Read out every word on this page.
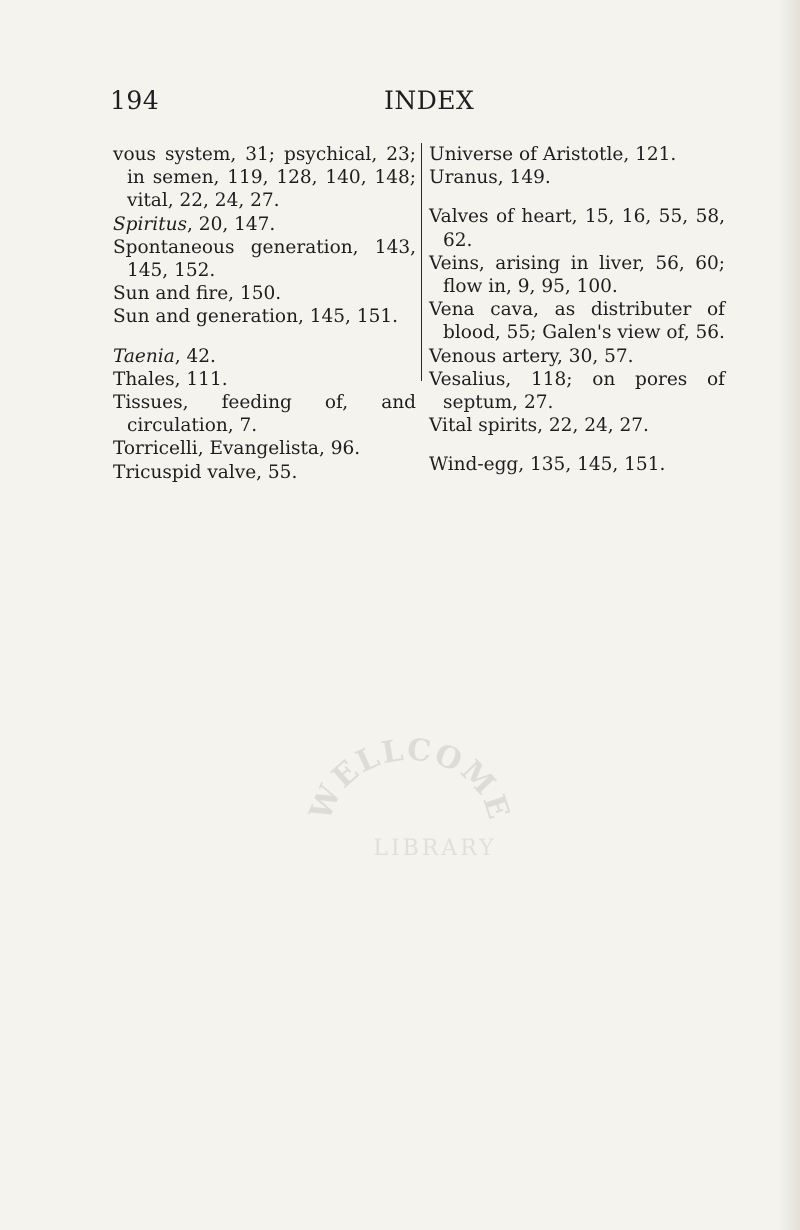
194	INDEX

vous system, 31; psychical, 23; in semen, 119, 128, 140, 148; vital, 22, 24, 27.

Spiritus, 20, 147.

Spontaneous generation, 143, 145, 152.

Sun and fire, 150.

Sun and generation, 145, 151.

Taenia, 42.

Thales, 111.

Tissues, feeding of, and circulation, 7.

Torricelli, Evangelista, 96.

Tricuspid valve, 55.

Universe of Aristotle, 121.

Uranus, 149.

Valves of heart, 15, 16, 55, 58, 62.

Veins, arising in liver, 56, 60; flow in, 9, 95, 100.

Vena cava, as distributer of blood, 55; Galen's view of, 56.

Venous artery, 30, 57.

Vesalius, 118; on pores of septum, 27.

Vital spirits, 22, 24, 27.

Wind-egg, 135, 145, 151.

WELLCOME
LIBRARY
